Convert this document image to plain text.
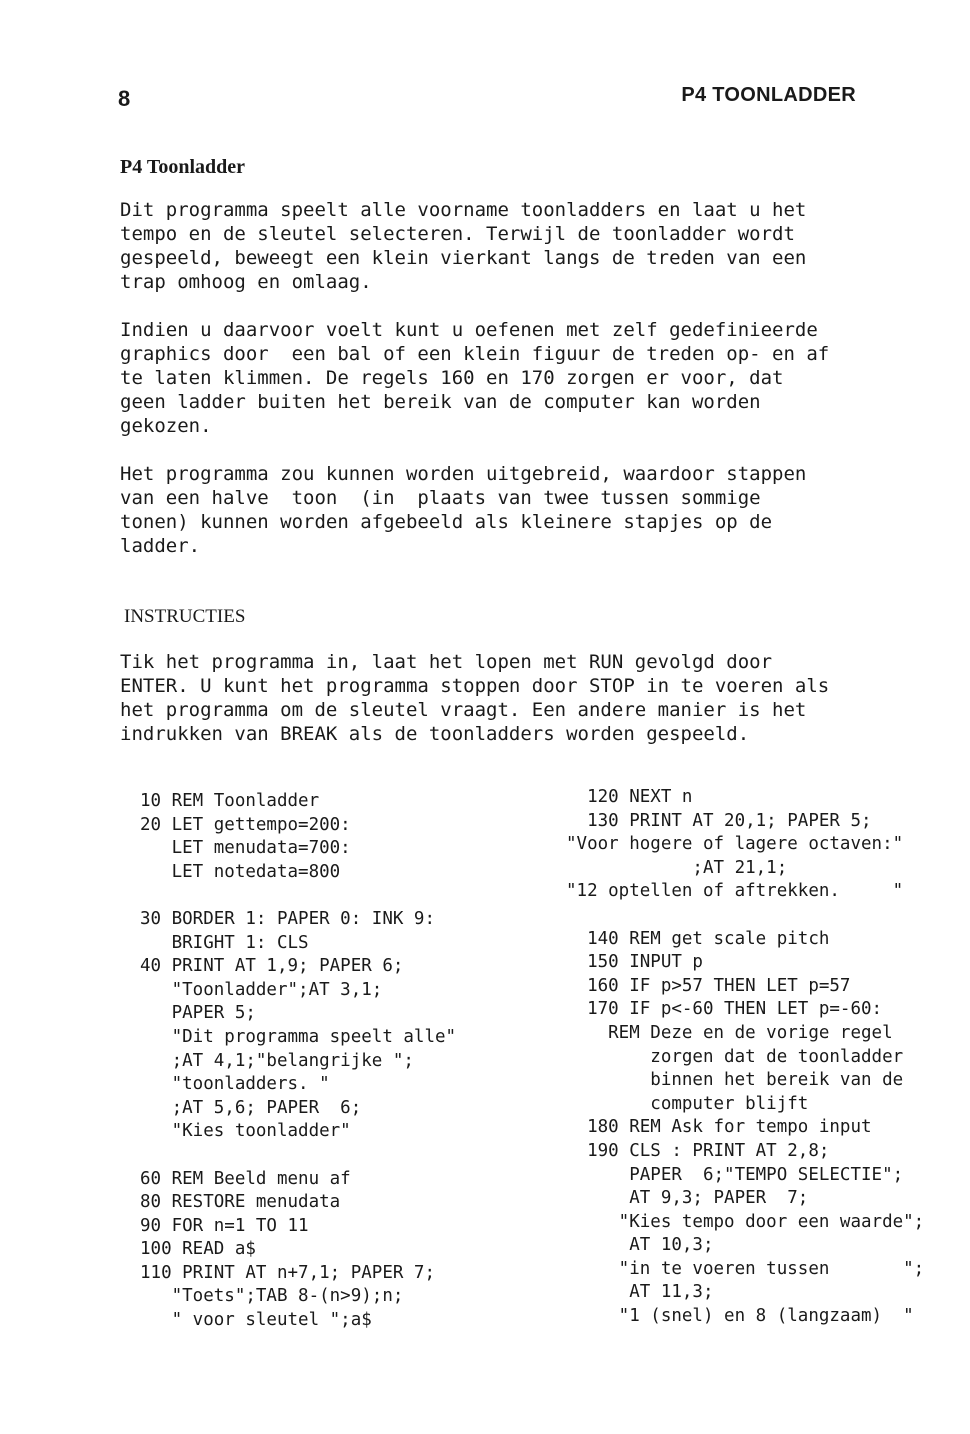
8	P4 TOONLADDER
P4 Toonladder

Dit programma speelt alle voorname toonladders en laat u het
tempo en de sleutel selecteren. Terwijl de toonladder wordt
gespeeld, beweegt een klein vierkant langs de treden van een
trap omhoog en omlaag.

Indien u daarvoor voelt kunt u oefenen met zelf gedefinieerde
graphics door  een bal of een klein figuur de treden op- en af
te laten klimmen. De regels 160 en 170 zorgen er voor, dat
geen ladder buiten het bereik van de computer kan worden
gekozen.

Het programma zou kunnen worden uitgebreid, waardoor stappen
van een halve  toon  (in  plaats van twee tussen sommige
tonen) kunnen worden afgebeeld als kleinere stapjes op de
ladder.

INSTRUCTIES

Tik het programma in, laat het lopen met RUN gevolgd door
ENTER. U kunt het programma stoppen door STOP in te voeren als
het programma om de sleutel vraagt. Een andere manier is het
indrukken van BREAK als de toonladders worden gespeeld.

10 REM Toonladder
20 LET gettempo=200:
LET menudata=700:
LET notedata=800
30 BORDER 1: PAPER 0: INK 9:
BRIGHT 1: CLS
40 PRINT AT 1,9; PAPER 6;
"Toonladder";AT 3,1;
PAPER 5;
"Dit programma speelt alle"
;AT 4,1;"belangrijke ";
"toonladders. "
;AT 5,6; PAPER  6;
"Kies toonladder"
60 REM Beeld menu af
80 RESTORE menudata
90 FOR n=1 TO 11
100 READ a$
110 PRINT AT n+7,1; PAPER 7;
"Toets";TAB 8-(n>9);n;
" voor sleutel ";a$
120 NEXT n
130 PRINT AT 20,1; PAPER 5;
"Voor hogere of lagere octaven:"
;AT 21,1;
"12 optellen of aftrekken.     "
140 REM get scale pitch
150 INPUT p
160 IF p>57 THEN LET p=57
170 IF p<-60 THEN LET p=-60:
REM Deze en de vorige regel
zorgen dat de toonladder
binnen het bereik van de
computer blijft
180 REM Ask for tempo input
190 CLS : PRINT AT 2,8;
PAPER  6;"TEMPO SELECTIE";
AT 9,3; PAPER  7;
"Kies tempo door een waarde";
AT 10,3;
"in te voeren tussen       ";
AT 11,3;
"1 (snel) en 8 (langzaam)  "
